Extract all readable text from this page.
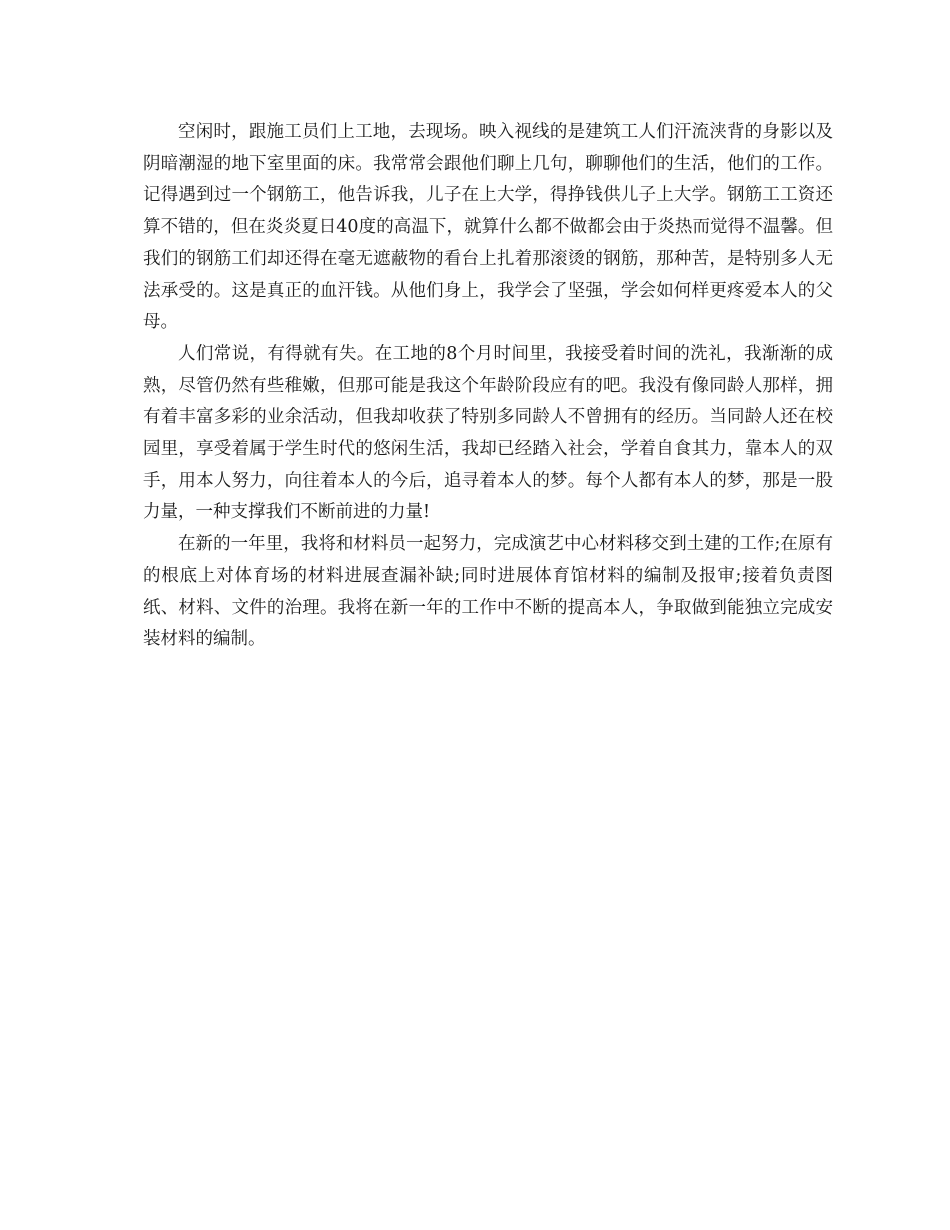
空闲时，跟施工员们上工地，去现场。映入视线的是建筑工人们汗流浃背的身影以及阴暗潮湿的地下室里面的床。我常常会跟他们聊上几句，聊聊他们的生活，他们的工作。记得遇到过一个钢筋工，他告诉我，儿子在上大学，得挣钱供儿子上大学。钢筋工工资还算不错的，但在炎炎夏日40度的高温下，就算什么都不做都会由于炎热而觉得不温馨。但我们的钢筋工们却还得在毫无遮蔽物的看台上扎着那滚烫的钢筋，那种苦，是特别多人无法承受的。这是真正的血汗钱。从他们身上，我学会了坚强，学会如何样更疼爱本人的父母。

人们常说，有得就有失。在工地的8个月时间里，我接受着时间的洗礼，我渐渐的成熟，尽管仍然有些稚嫩，但那可能是我这个年龄阶段应有的吧。我没有像同龄人那样，拥有着丰富多彩的业余活动，但我却收获了特别多同龄人不曾拥有的经历。当同龄人还在校园里，享受着属于学生时代的悠闲生活，我却已经踏入社会，学着自食其力，靠本人的双手，用本人努力，向往着本人的今后，追寻着本人的梦。每个人都有本人的梦，那是一股力量，一种支撑我们不断前进的力量!

在新的一年里，我将和材料员一起努力，完成演艺中心材料移交到土建的工作;在原有的根底上对体育场的材料进展查漏补缺;同时进展体育馆材料的编制及报审;接着负责图纸、材料、文件的治理。我将在新一年的工作中不断的提高本人，争取做到能独立完成安装材料的编制。
